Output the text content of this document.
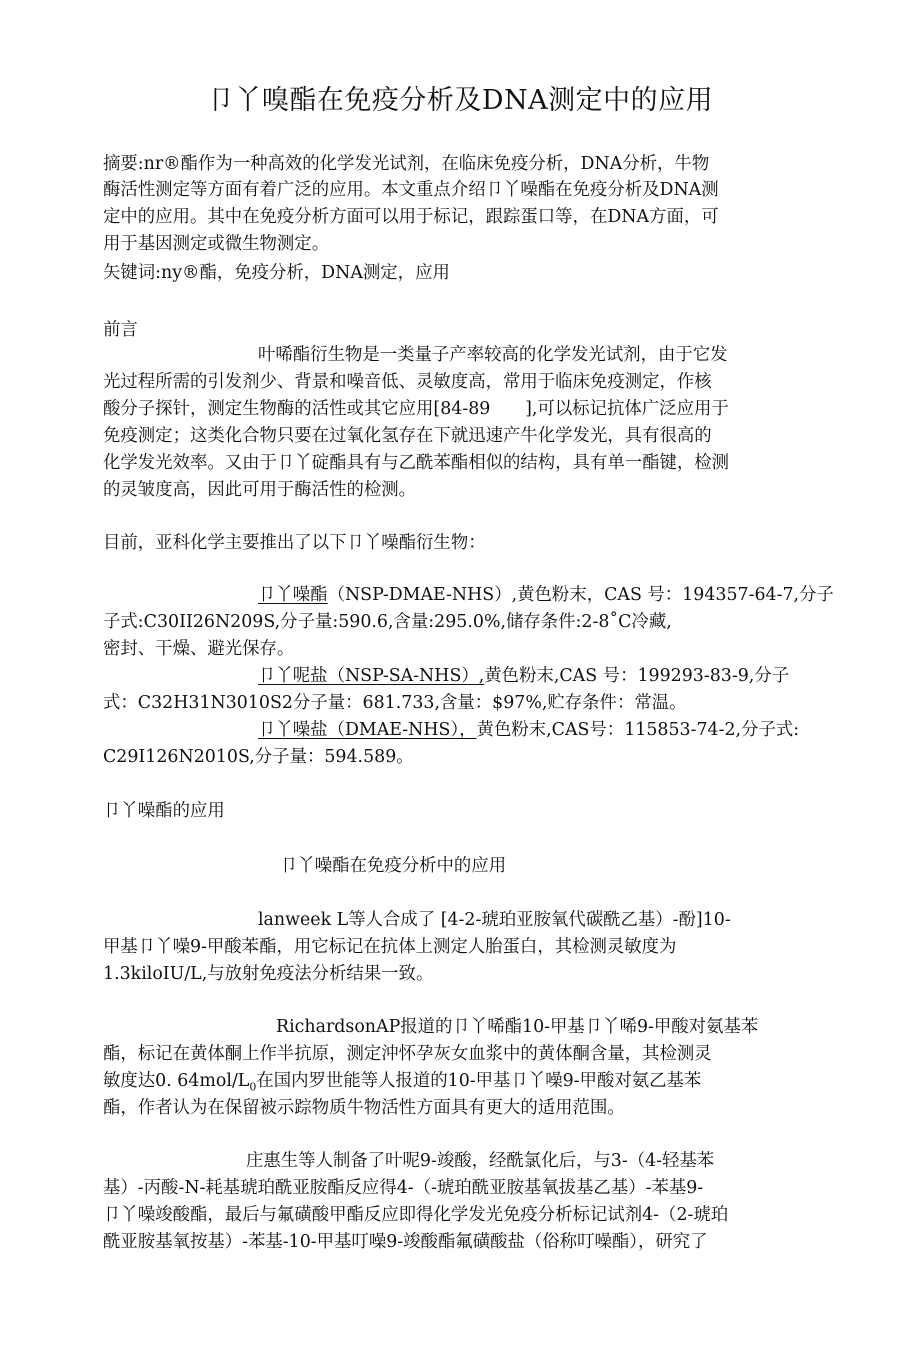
卩丫嗅酯在免疫分析及DNA测定中的应用
摘要:nr®酯作为一种高效的化学发光试剂，在临床免疫分析，DNA分析，牛物
酶活性测定等方面有着广泛的应用。本文重点介绍卩丫噪酯在免疫分析及DNA测
定中的应用。其中在免疫分析方面可以用于标记，跟踪蛋口等，在DNA方面，可
用于基因测定或微生物测定。
矢键词:ny®酯，免疫分析，DNA测定，应用
前言
叶唏酯衍生物是一类量子产率较高的化学发光试剂，由于它发
光过程所需的引发剂少、背景和噪音低、灵敏度高，常用于临床免疫测定，作核
酸分子探针，测定生物酶的活性或其它应用[84-89　　],可以标记抗体广泛应用于
免疫测定；这类化合物只要在过氧化氢存在下就迅速产牛化学发光，具有很高的
化学发光效率。又由于卩丫碇酯具有与乙酰苯酯相似的结构，具有单一酯键，检测
的灵皱度高，因此可用于酶活性的检测。
目前，亚科化学主要推出了以下卩丫噪酯衍生物：
卩丫噪酯（NSP-DMAE-NHS）,黄色粉末，CAS 号：194357-64-7,分子
子式:C30II26N209S,分子量:590.6,含量:295.0%,储存条件:2-8˚C冷藏,
密封、干燥、避光保存。
卩丫呢盐（NSP-SA-NHS）,黄色粉末,CAS 号：199293-83-9,分子
式：C32H31N3010S2分子量：681.733,含量：$97%,贮存条件：常温。
卩丫噪盐（DMAE-NHS），黄色粉末,CAS号：115853-74-2,分子式:
C29I126N2010S,分子量：594.589。
卩丫噪酯的应用
卩丫噪酯在免疫分析中的应用
lanweek L等人合成了 [4-2-琥珀亚胺氧代碳酰乙基）-酚]10-
甲基卩丫噪9-甲酸苯酯，用它标记在抗体上测定人胎蛋白，其检测灵敏度为
1.3kiloIU/L,与放射免疫法分析结果一致。
RichardsonAP报道的卩丫唏酯10-甲基卩丫唏9-甲酸对氨基苯
酯，标记在黄体酮上作半抗原，测定沖怀孕灰女血浆中的黄体酮含量，其检测灵
敏度达0. $64mol/L_0$在国内罗世能等人报道的10-甲基卩丫噪9-甲酸对氨乙基苯
酯，作者认为在保留被示踪物质牛物活性方面具有更大的适用范围。
庄惠生等人制备了叶呢9-竣酸，经酰氯化后，与3-（4-轻基苯
基）-丙酸-N-耗基琥珀酰亚胺酯反应得4-（-琥珀酰亚胺基氧拔基乙基）-苯基9-
卩丫噪竣酸酯，最后与氟磺酸甲酯反应即得化学发光免疫分析标记试剂4-（2-琥珀
酰亚胺基氧按基）-苯基-10-甲基叮噪9-竣酸酯氟磺酸盐（俗称叮噪酯），研究了
